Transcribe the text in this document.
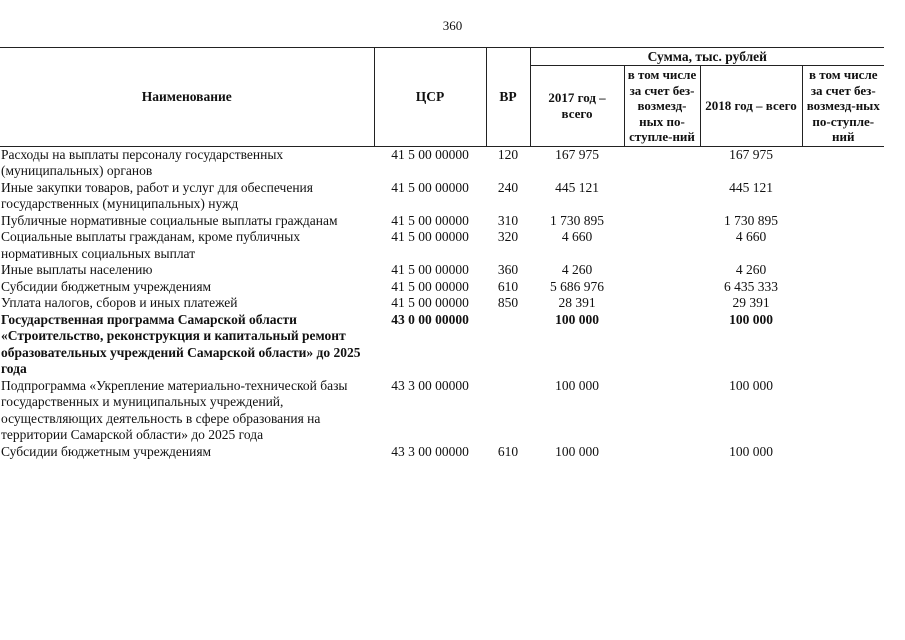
360
Наименование	ЦСР	ВР	Сумма, тыс. рублей			
			2017 год – всего	в том числе за счет без-возмезд-ных по-ступле-ний	2018 год – всего	в том числе за счет без-возмезд-ных по-ступле-ний
Расходы на выплаты персоналу государственных (муниципальных) органов	41 5 00 00000	120	167 975		167 975	
Иные закупки товаров, работ и услуг для обеспечения государственных (муниципальных) нужд	41 5 00 00000	240	445 121		445 121	
Публичные нормативные социальные выплаты гражданам	41 5 00 00000	310	1 730 895		1 730 895	
Социальные выплаты гражданам, кроме публичных нормативных социальных выплат	41 5 00 00000	320	4 660		4 660	
Иные выплаты населению	41 5 00 00000	360	4 260		4 260	
Субсидии бюджетным учреждениям	41 5 00 00000	610	5 686 976		6 435 333	
Уплата налогов, сборов и иных платежей	41 5 00 00000	850	28 391		29 391	
Государственная программа Самарской области «Строительство, реконструкция и капитальный ремонт образовательных учреждений Самарской области» до 2025 года	43 0 00 00000		100 000		100 000	
Подпрограмма «Укрепление материально-технической базы государственных и муниципальных учреждений, осуществляющих деятельность в сфере образования на территории Самарской области» до 2025 года	43 3 00 00000		100 000		100 000	
Субсидии бюджетным учреждениям	43 3 00 00000	610	100 000		100 000	
